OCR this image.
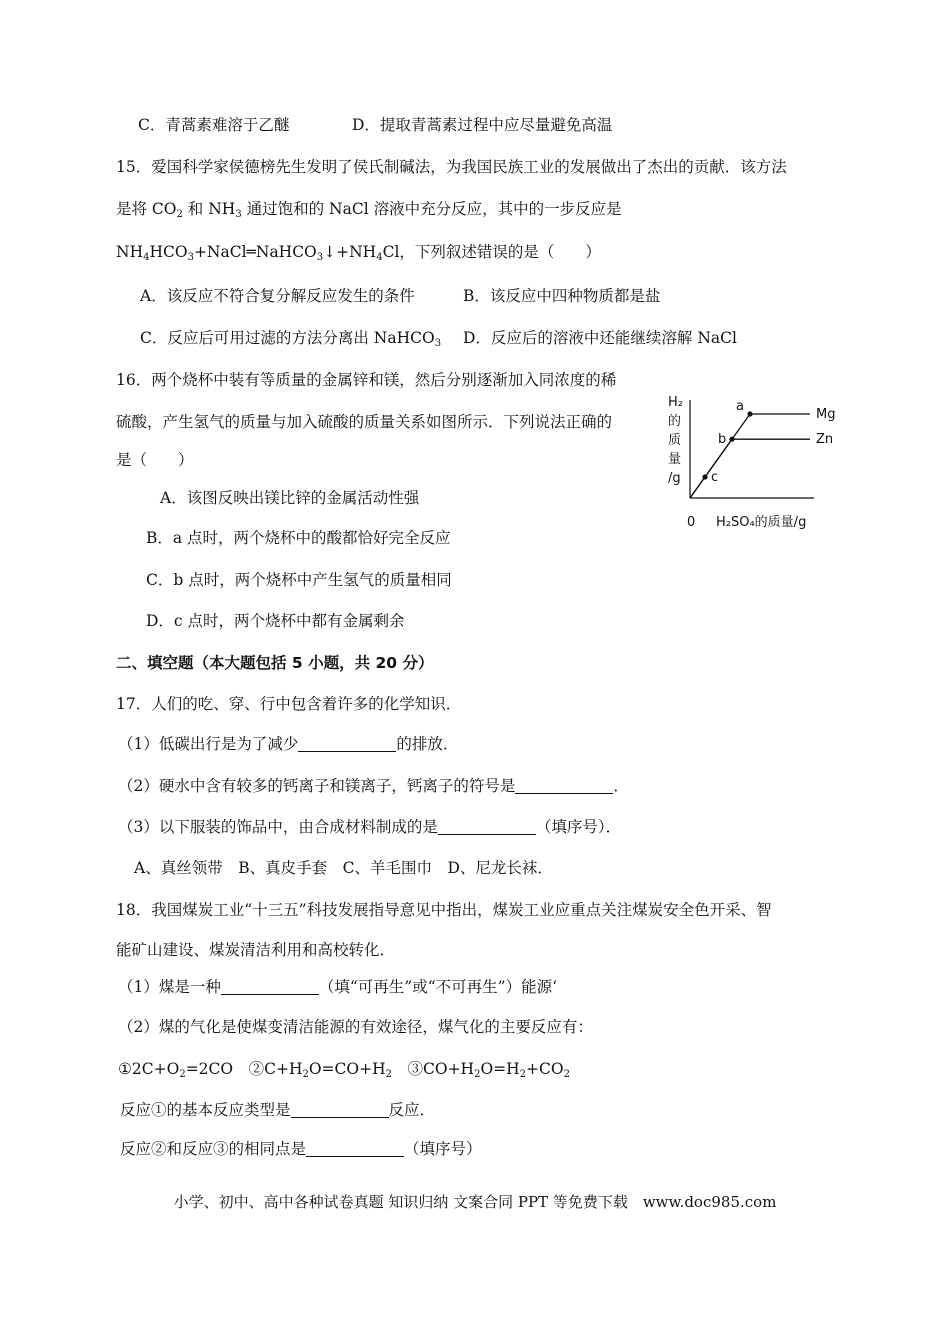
C．青蒿素难溶于乙醚	D．提取青蒿素过程中应尽量避免高温
15．爱国科学家侯德榜先生发明了侯氏制碱法，为我国民族工业的发展做出了杰出的贡献．该方法
是将 $CO_2$ 和 $NH_3$ 通过饱和的 NaCl 溶液中充分反应，其中的一步反应是
$NH_4HCO_3+NaCl═NaHCO_3↓+NH_4Cl$，下列叙述错误的是（　　）
A．该反应不符合复分解反应发生的条件	B．该反应中四种物质都是盐
C．反应后可用过滤的方法分离出 NaHCO$_3$ D．反应后的溶液中还能继续溶解 NaCl
16．两个烧杯中装有等质量的金属锌和镁，然后分别逐渐加入同浓度的稀
硫酸，产生氢气的质量与加入硫酸的质量关系如图所示．下列说法正确的
是（　　）
A．该图反映出镁比锌的金属活动性强
B．a 点时，两个烧杯中的酸都恰好完全反应
C．b 点时，两个烧杯中产生氢气的质量相同
D．c 点时，两个烧杯中都有金属剩余
H₂
的
质
量
/g
0 H₂SO₄的质量/g
Mg
Zn
a
b
c
二、填空题（本大题包括 5 小题，共 20 分）
17．人们的吃、穿、行中包含着许多的化学知识．
（1）低碳出行是为了减少	的排放．
（2）硬水中含有较多的钙离子和镁离子，钙离子的符号是	．
（3）以下服装的饰品中，由合成材料制成的是	（填序号）．
A、真丝领带　B、真皮手套　C、羊毛围巾　D、尼龙长袜．
18．我国煤炭工业“十三五”科技发展指导意见中指出，煤炭工业应重点关注煤炭安全色开采、智
能矿山建设、煤炭清洁利用和高校转化．
（1）煤是一种	（填“可再生”或“不可再生”）能源‘
（2）煤的气化是使煤变清洁能源的有效途径，煤气化的主要反应有：
$①2C+O_2=2CO$　$②C+H_2O=CO+H_2$　$③CO+H_2O=H_2+CO_2$
反应①的基本反应类型是	反应．
反应②和反应③的相同点是	（填序号）
小学、初中、高中各种试卷真题 知识归纳 文案合同 PPT 等免费下载　www.doc985.com
